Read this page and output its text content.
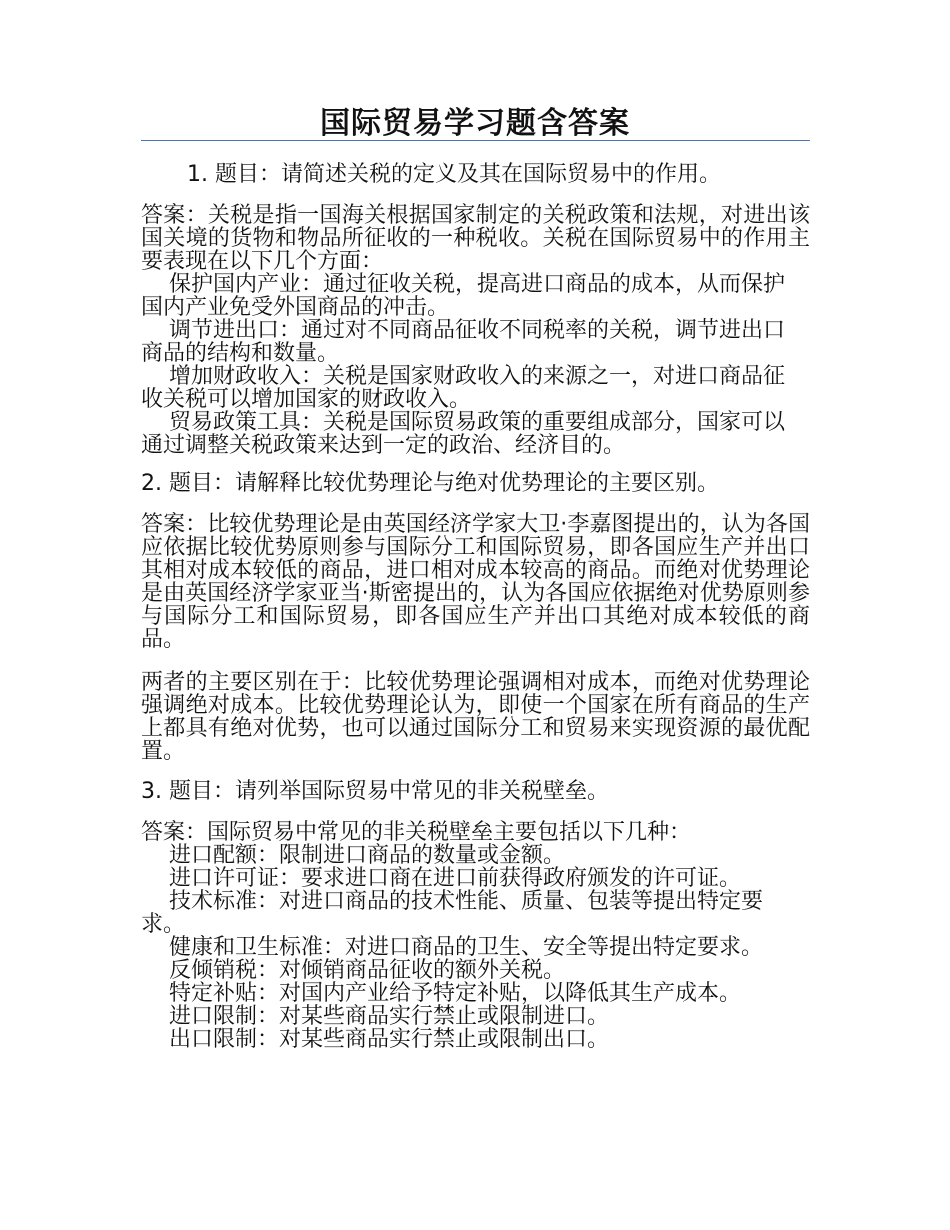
国际贸易学习题含答案

1. 题目：请简述关税的定义及其在国际贸易中的作用。

答案：关税是指一国海关根据国家制定的关税政策和法规，对进出该国关境的货物和物品所征收的一种税收。关税在国际贸易中的作用主要表现在以下几个方面：

保护国内产业：通过征收关税，提高进口商品的成本，从而保护国内产业免受外国商品的冲击。

调节进出口：通过对不同商品征收不同税率的关税，调节进出口商品的结构和数量。

增加财政收入：关税是国家财政收入的来源之一，对进口商品征收关税可以增加国家的财政收入。

贸易政策工具：关税是国际贸易政策的重要组成部分，国家可以通过调整关税政策来达到一定的政治、经济目的。

2. 题目：请解释比较优势理论与绝对优势理论的主要区别。

答案：比较优势理论是由英国经济学家大卫·李嘉图提出的，认为各国应依据比较优势原则参与国际分工和国际贸易，即各国应生产并出口其相对成本较低的商品，进口相对成本较高的商品。而绝对优势理论是由英国经济学家亚当·斯密提出的，认为各国应依据绝对优势原则参与国际分工和国际贸易，即各国应生产并出口其绝对成本较低的商品。

两者的主要区别在于：比较优势理论强调相对成本，而绝对优势理论强调绝对成本。比较优势理论认为，即使一个国家在所有商品的生产上都具有绝对优势，也可以通过国际分工和贸易来实现资源的最优配置。

3. 题目：请列举国际贸易中常见的非关税壁垒。

答案：国际贸易中常见的非关税壁垒主要包括以下几种：

进口配额：限制进口商品的数量或金额。

进口许可证：要求进口商在进口前获得政府颁发的许可证。

技术标准：对进口商品的技术性能、质量、包装等提出特定要求。

健康和卫生标准：对进口商品的卫生、安全等提出特定要求。

反倾销税：对倾销商品征收的额外关税。

特定补贴：对国内产业给予特定补贴，以降低其生产成本。

进口限制：对某些商品实行禁止或限制进口。

出口限制：对某些商品实行禁止或限制出口。
